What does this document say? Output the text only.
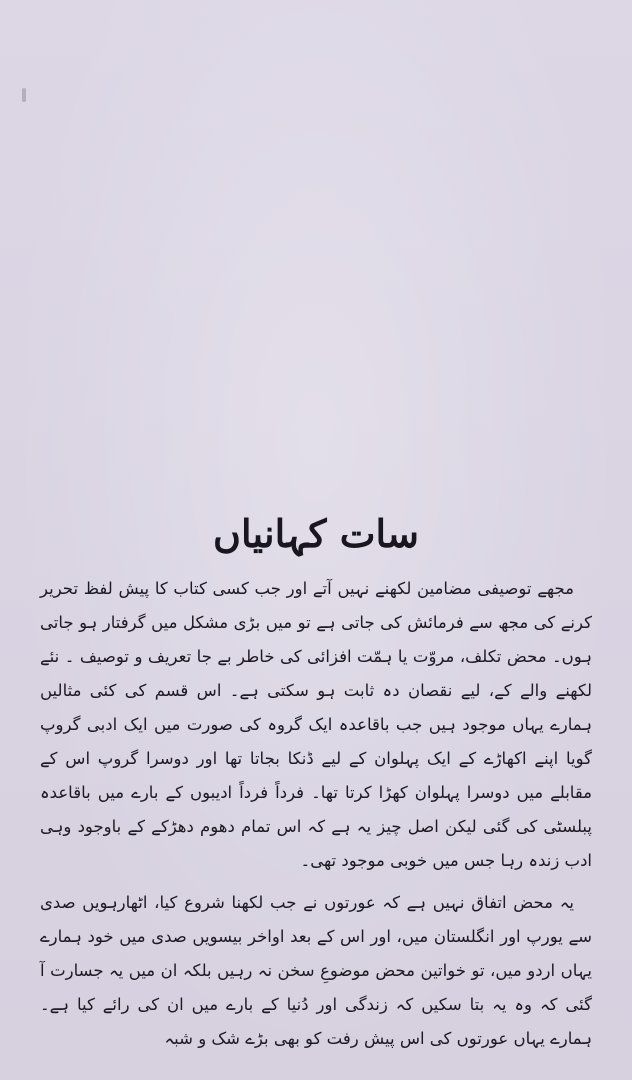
سات کہانیاں

مجھے توصیفی مضامین لکھنے نہیں آتے اور جب کسی کتاب کا پیش لفظ تحریر کرنے کی مجھ سے فرمائش کی جاتی ہے تو میں بڑی مشکل میں گرفتار ہو جاتی ہوں۔ محض تکلف، مروّت یا ہمّت افزائی کی خاطر بے جا تعریف و توصیف ۔ نئے لکھنے والے کے، لیے نقصان دہ ثابت ہو سکتی ہے۔ اس قسم کی کئی مثالیں ہمارے یہاں موجود ہیں جب باقاعدہ ایک گروہ کی صورت میں ایک ادبی گروپ گویا اپنے اکھاڑے کے ایک پہلوان کے لیے ڈنکا بجاتا تھا اور دوسرا گروپ اس کے مقابلے میں دوسرا پہلوان کھڑا کرتا تھا۔ فرداً فرداً ادیبوں کے بارے میں باقاعدہ پبلسٹی کی گئی لیکن اصل چیز یہ ہے کہ اس تمام دھوم دھڑکے کے باوجود وہی ادب زندہ رہا جس میں خوبی موجود تھی۔

یہ محض اتفاق نہیں ہے کہ عورتوں نے جب لکھنا شروع کیا، اٹھارہویں صدی سے یورپ اور انگلستان میں، اور اس کے بعد اواخر بیسویں صدی میں خود ہمارے یہاں اردو میں، تو خواتین محض موضوعِ سخن نہ رہیں بلکہ ان میں یہ جسارت آ گئی کہ وہ یہ بتا سکیں کہ زندگی اور دُنیا کے بارے میں ان کی رائے کیا ہے۔ ہمارے یہاں عورتوں کی اس پیش رفت کو بھی بڑے شک و شبہ
